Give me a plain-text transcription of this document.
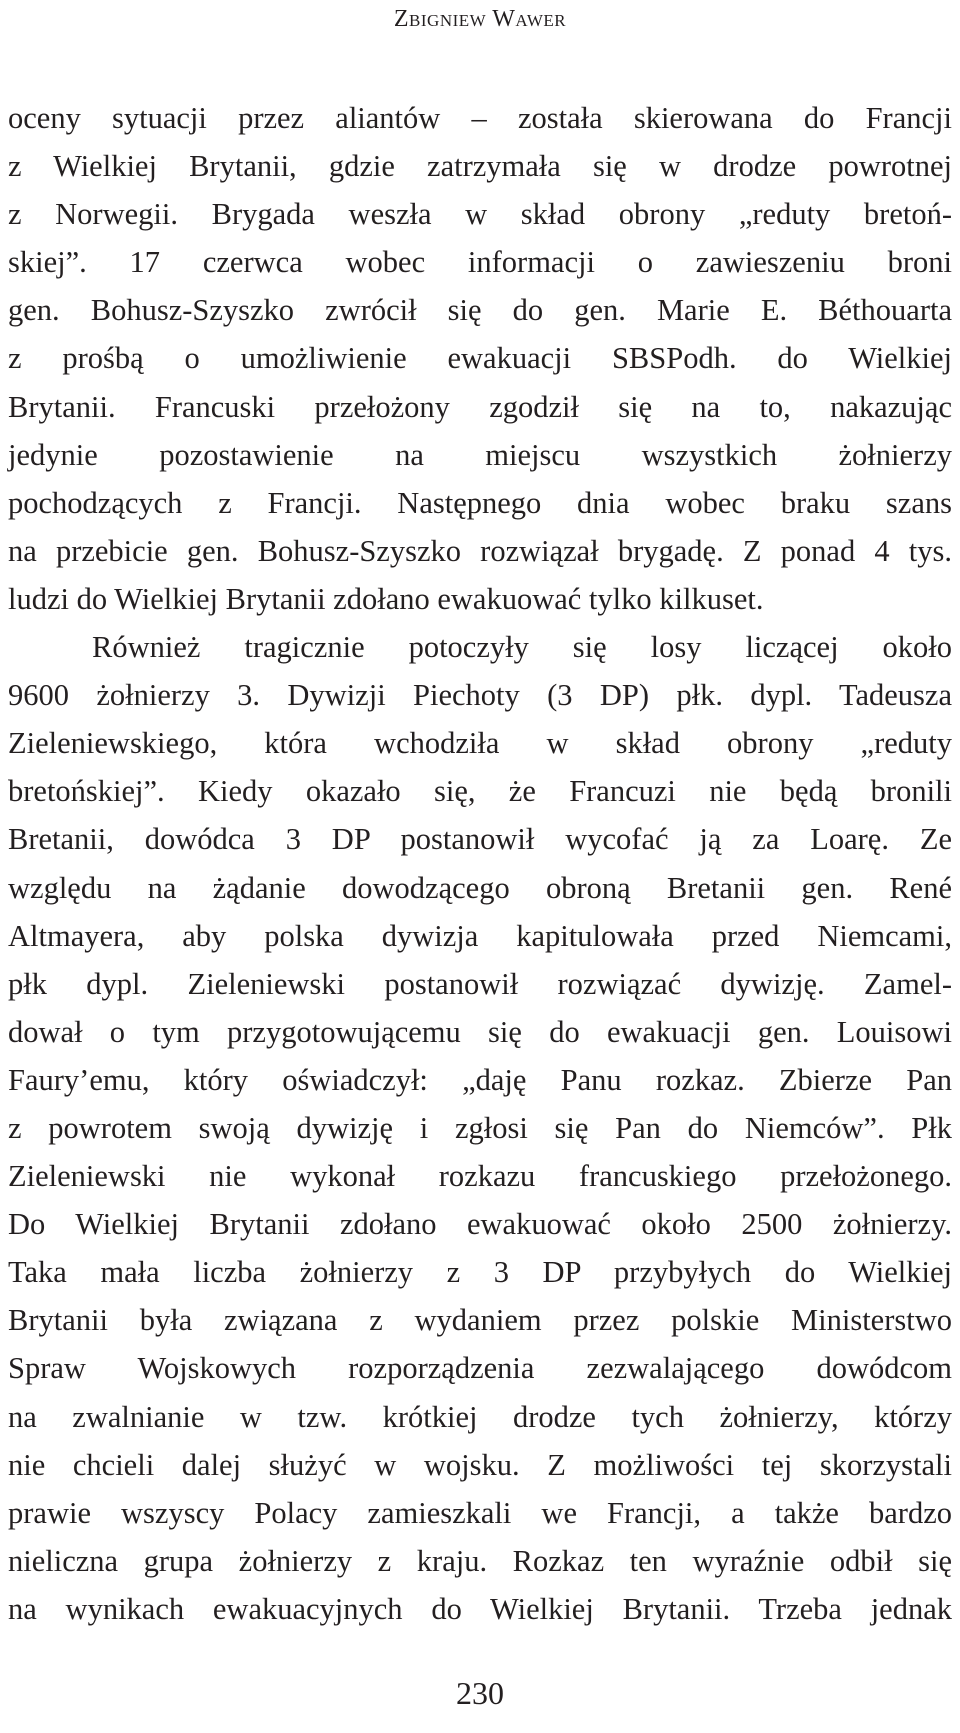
Zbigniew Wawer
oceny sytuacji przez aliantów – została skierowana do Francji
z Wielkiej Brytanii, gdzie zatrzymała się w drodze powrotnej
z Norwegii. Brygada weszła w skład obrony „reduty bretoń-
skiej”. 17 czerwca wobec informacji o zawieszeniu broni
gen. Bohusz-Szyszko zwrócił się do gen. Marie E. Béthouarta
z prośbą o umożliwienie ewakuacji SBSPodh. do Wielkiej
Brytanii. Francuski przełożony zgodził się na to, nakazując
jedynie pozostawienie na miejscu wszystkich żołnierzy
pochodzących z Francji. Następnego dnia wobec braku szans
na przebicie gen. Bohusz-Szyszko rozwiązał brygadę. Z ponad 4 tys.
ludzi do Wielkiej Brytanii zdołano ewakuować tylko kilkuset.
Również tragicznie potoczyły się losy liczącej około
9600 żołnierzy 3. Dywizji Piechoty (3 DP) płk. dypl. Tadeusza
Zieleniewskiego, która wchodziła w skład obrony „reduty
bretońskiej”. Kiedy okazało się, że Francuzi nie będą bronili
Bretanii, dowódca 3 DP postanowił wycofać ją za Loarę. Ze
względu na żądanie dowodzącego obroną Bretanii gen. René
Altmayera, aby polska dywizja kapitulowała przed Niemcami,
płk dypl. Zieleniewski postanowił rozwiązać dywizję. Zamel-
dował o tym przygotowującemu się do ewakuacji gen. Louisowi
Faury’emu, który oświadczył: „daję Panu rozkaz. Zbierze Pan
z powrotem swoją dywizję i zgłosi się Pan do Niemców”. Płk
Zieleniewski nie wykonał rozkazu francuskiego przełożonego.
Do Wielkiej Brytanii zdołano ewakuować około 2500 żołnierzy.
Taka mała liczba żołnierzy z 3 DP przybyłych do Wielkiej
Brytanii była związana z wydaniem przez polskie Ministerstwo
Spraw Wojskowych rozporządzenia zezwalającego dowódcom
na zwalnianie w tzw. krótkiej drodze tych żołnierzy, którzy
nie chcieli dalej służyć w wojsku. Z możliwości tej skorzystali
prawie wszyscy Polacy zamieszkali we Francji, a także bardzo
nieliczna grupa żołnierzy z kraju. Rozkaz ten wyraźnie odbił się
na wynikach ewakuacyjnych do Wielkiej Brytanii. Trzeba jednak
230
